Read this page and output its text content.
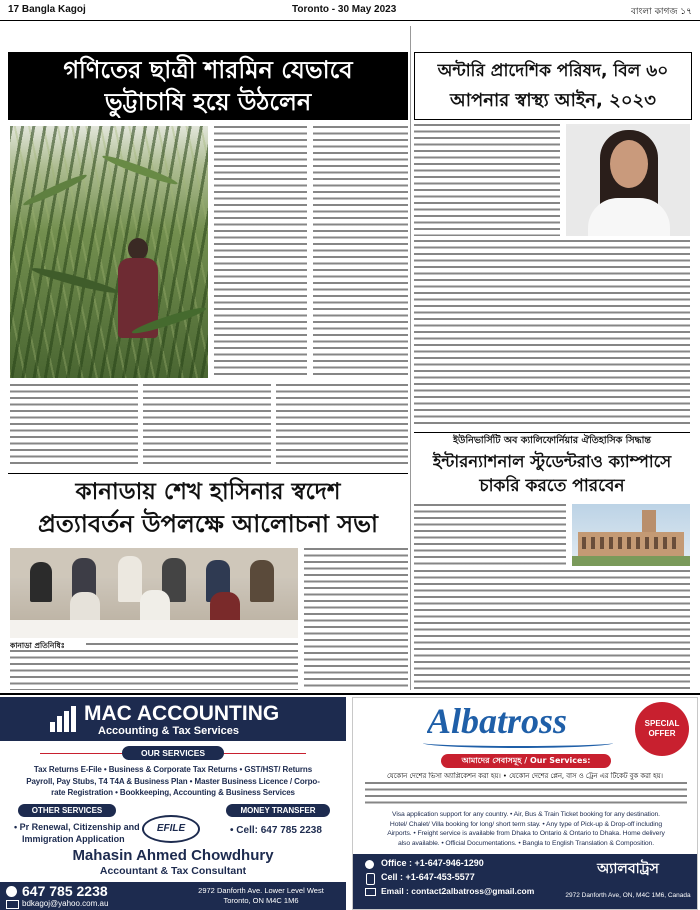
17 Bangla Kagoj	Toronto - 30 May 2023	বাংলা কাগজ ১৭
গণিতের ছাত্রী শারমিন যেভাবে
ভুট্টাচাষি হয়ে উঠলেন
কানাডায় শেখ হাসিনার স্বদেশ
প্রত্যাবর্তন উপলক্ষে আলোচনা সভা
কানাডা প্রতিনিধিঃ
অন্টারি প্রাদেশিক পরিষদ, বিল ৬০
আপনার স্বাস্থ্য আইন, ২০২৩
ইউনিভার্সিটি অব ক্যালিফোর্নিয়ার ঐতিহাসিক সিদ্ধান্ত
ইন্টারন্যাশনাল স্টুডেন্টরাও ক্যাম্পাসে
চাকরি করতে পারবেন
MAC ACCOUNTING
Accounting & Tax Services
OUR SERVICES
Tax Returns E-File • Business & Corporate Tax Returns • GST/HST/ Returns
Payroll, Pay Stubs, T4 T4A & Business Plan • Master Business Licence / Corpo-
rate Registration • Bookkeeping, Accounting & Business Services
OTHER SERVICES
• Pr Renewal, Citizenship and
Immigration Application
EFILE
MONEY TRANSFER
• Cell: 647 785 2238
Mahasin Ahmed Chowdhury
Accountant & Tax Consultant
647 785 2238
bdkagoj@yahoo.com.au
2972 Danforth Ave. Lower Level West
Toronto, ON M4C 1M6
Albatross	SPECIAL OFFER
আমাদের সেবাসমূহ / Our Services:
যেকোন দেশের ভিসা অ্যাপ্লিকেশন করা হয়। • যেকোন দেশের প্লেন, বাস ও ট্রেন এর টিকেট বুক করা হয়।
Visa application support for any country. • Air, Bus & Train Ticket booking for any destination.
Hotel/ Chalet/ Villa booking for long/ short term stay. • Any type of Pick-up & Drop-off including
Airports. • Freight service is available from Dhaka to Ontario & Ontario to Dhaka. Home delivery
also available. • Official Documentations. • Bangla to English Translation & Composition.
Office : +1-647-946-1290
Cell : +1-647-453-5577
Email : contact2albatross@gmail.com
অ্যালবাট্রস
2972 Danforth Ave, ON, M4C 1M6, Canada
